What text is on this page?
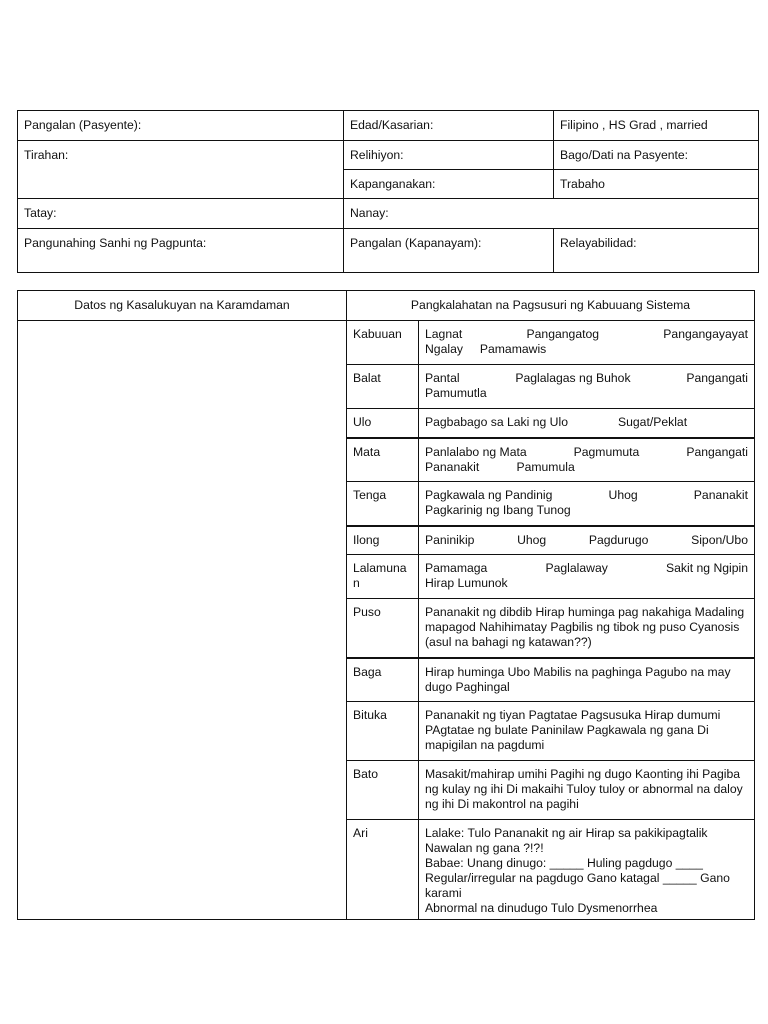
Pangalan (Pasyente):	Edad/Kasarian:	Filipino , HS Grad , married
Tirahan:	Relihiyon:	Bago/Dati na Pasyente:
	Kapanganakan:	Trabaho
Tatay:	Nanay:	
Pangunahing Sanhi ng Pagpunta:	Pangalan (Kapanayam):	Relayabilidad:
Datos ng Kasalukuyan na Karamdaman	Pangkalahatan na Pagsusuri ng Kabuuang Sistema	
	Kabuuan	Lagnat Pangangatog Pangangayayat
Ngalay Pamamawis

	Balat	Pantal Paglalagas ng Buhok Pangangati
Pamumutla

	Ulo	Pagbabago sa Laki ng Ulo Sugat/Peklat

	Mata	Panlalabo ng Mata Pagmumuta Pangangati
Pananakit Pamumula

	Tenga	Pagkawala ng Pandinig Uhog Pananakit
Pagkarinig ng Ibang Tunog

	Ilong	Paninikip Uhog Pagdurugo Sipon/Ubo

	Lalamunan	Pamamaga Paglalaway Sakit ng Ngipin
Hirap Lumunok

	Puso	Pananakit ng dibdib Hirap huminga pag nakahiga Madaling mapagod Nahihimatay Pagbilis ng tibok ng puso Cyanosis (asul na bahagi ng katawan??)
	Baga	Hirap huminga Ubo Mabilis na paghinga Pagubo na may dugo Paghingal
	Bituka	Pananakit ng tiyan Pagtatae Pagsusuka Hirap dumumi PAgtatae ng bulate Paninilaw Pagkawala ng gana Di mapigilan na pagdumi
	Bato	Masakit/mahirap umihi Pagihi ng dugo Kaonting ihi Pagiba ng kulay ng ihi Di makaihi Tuloy tuloy or abnormal na daloy ng ihi Di makontrol na pagihi
	Ari	Lalake: Tulo Pananakit ng air Hirap sa pakikipagtalik Nawalan ng gana ?!?!
Babae: Unang dinugo: _____ Huling pagdugo ____ Regular/irregular na pagdugo Gano katagal _____ Gano karami
Abnormal na dinudugo Tulo Dysmenorrhea
